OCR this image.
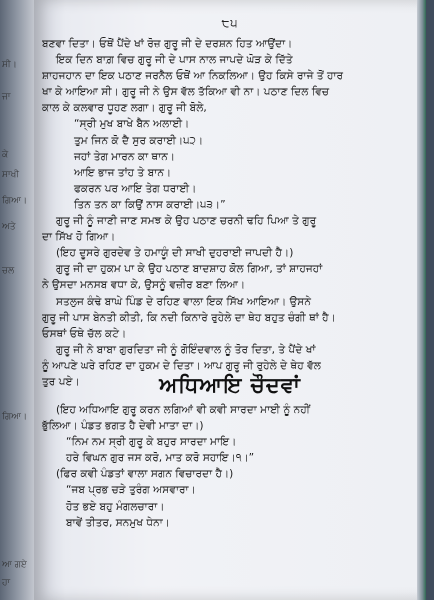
ਸੀ।
ਜਾ
ਕੇ
ਸਾਖੀ
ਗਿਆ।
ਅਤੇ
ਚਲ
ਗਿਆ।
ਆ ਗਏ
ਹਾ
੮੫
ਬਣਵਾ ਦਿਤਾ। ਓਥੋਂ ਪੈਂਦੇ ਖਾਂ ਰੋਜ਼ ਗੁਰੂ ਜੀ ਦੇ ਦਰਸ਼ਨ ਹਿਤ ਆਉਂਦਾ।
ਇਕ ਦਿਨ ਬਾਗ਼ ਵਿਚ ਗੁਰੂ ਜੀ ਦੇ ਪਾਸ ਨਾਲ ਜਾਪਦੇ ਘੋੜ ਕੇ ਦਿੱਤੇ
ਸ਼ਾਹਜਹਾਨ ਦਾ ਇਕ ਪਠਾਣ ਜਰਨੈਲ ਓਥੋਂ ਆ ਨਿਕਲਿਆ। ਉਹ ਕਿਸੇ ਰਾਜੇ ਤੋਂ ਹਾਰ
ਖਾ ਕੇ ਆਇਆ ਸੀ। ਗੁਰੂ ਜੀ ਨੇ ਉਸ ਵੱਲ ਤੱਕਿਆ ਵੀ ਨਾ। ਪਠਾਣ ਦਿਲ ਵਿਚ
ਕਾਲ ਕੇ ਕਲਵਾਰ ਧੂਹਣ ਲਗਾ। ਗੁਰੂ ਜੀ ਬੋਲੇ,
“ਸ੍ਰੀ ਮੁਖ ਬਾਖੇ ਬੈਨ ਅਲਾਈ।
ਤੁਮ ਜਿਨ ਕੋ ਦੈ ਸੁਰ ਕਰਾਈ।੫੨।
ਜਹਾਂ ਤੇਗ ਮਾਰਨ ਕਾ ਥਾਨ।
ਆਇ ਭਾਜ ਤਾਂਹ ਤੇ ਬਾਨ।
ਫਕਰਨ ਪਰ ਆਇ ਤੇਗ ਧਰਾਈ।
ਤਿਨ ਤਨ ਕਾ ਕਿਉਂ ਨਾਸ ਕਰਾਈ।੫੩।”
ਗੁਰੂ ਜੀ ਨੂੰ ਜਾਣੀ ਜਾਣ ਸਮਝ ਕੇ ਉਹ ਪਠਾਣ ਚਰਨੀ ਢਹਿ ਪਿਆ ਤੇ ਗੁਰੂ
ਦਾ ਸਿੱਖ ਹੋ ਗਿਆ।
(ਇਹ ਦੂਸਰੇ ਗੁਰਦੇਵ ਤੇ ਹਮਾਯੂੰ ਦੀ ਸਾਖੀ ਦੁਹਰਾਈ ਜਾਪਦੀ ਹੈ।)
ਗੁਰੂ ਜੀ ਦਾ ਹੁਕਮ ਪਾ ਕੇ ਉਹ ਪਠਾਣ ਬਾਦਸ਼ਾਹ ਕੋਲ ਗਿਆ, ਤਾਂ ਸ਼ਾਹਜਹਾਂ
ਨੇ ਉਸਦਾ ਮਨਸਬ ਵਧਾ ਕੇ, ਉਸਨੂੰ ਵਜ਼ੀਰ ਬਣਾ ਲਿਆ।
ਸਤਲੁਜ ਕੰਢੇ ਬਾਘੇ ਪਿੰਡ ਦੇ ਰਹਿਣ ਵਾਲਾ ਇਕ ਸਿੱਖ ਆਇਆ। ਉਸਨੇ
ਗੁਰੂ ਜੀ ਪਾਸ ਬੇਨਤੀ ਕੀਤੀ, ਕਿ ਨਦੀ ਕਿਨਾਰੇ ਰੁਹੇਲੇ ਦਾ ਥੇਹ ਬਹੁਤ ਚੰਗੀ ਥਾਂ ਹੈ।
ਓਸਥਾਂ ਓਥੇ ਚੱਲ ਕਟੇ।
ਗੁਰੂ ਜੀ ਨੇ ਬਾਬਾ ਗੁਰਦਿਤਾ ਜੀ ਨੂੰ ਗੋਇੰਦਵਾਲ ਨੂੰ ਤੋਰ ਦਿਤਾ, ਤੇ ਪੈਂਦੇ ਖਾਂ
ਨੂੰ ਆਪਣੇ ਘਰੇ ਰਹਿਣ ਦਾ ਹੁਕਮ ਦੇ ਦਿਤਾ। ਆਪ ਗੁਰੂ ਜੀ ਰੁਹੇਲੇ ਦੇ ਥੇਹ ਵੱਲ
ਤੁਰ ਪਏ।	ਅਧਿਆਇ ਚੌਦਵਾਂ
(ਇਹ ਅਧਿਆਇ ਗੁਰੂ ਕਰਨ ਲਗਿਆਂ ਵੀ ਕਵੀ ਸਾਰਦਾ ਮਾਈ ਨੂੰ ਨਹੀਂ
ਭੁੱਲਿਆ। ਪੰਡਤ ਭਗਤ ਹੈ ਦੇਵੀ ਮਾਤਾ ਦਾ।)
“ਨਿਮ ਨਮ ਸ੍ਰੀ ਗੁਰੂ ਕੇ ਬਹੁਰ ਸਾਰਦਾ ਮਾਇ।
ਹਰੇ ਵਿਘਨ ਗੁਰ ਜਸ ਕਰੋ, ਮਾਤ ਕਰੋ ਸਹਾਇ।੧।”
(ਫਿਰ ਕਵੀ ਪੰਡਤਾਂ ਵਾਲਾ ਸਗਨ ਵਿਚਾਰਦਾ ਹੈ।)
“ਜਬ ਪ੍ਰਭ ਚੜੇ ਤੁਰੰਗ ਅਸਵਾਰਾ।
ਹੋਤ ਭਏ ਬਹੁ ਮੰਗਲਚਾਰਾ।
ਬਾਵੇਂ ਤੀਤਰ, ਸਨਮੁਖ ਧੇਨਾ।
